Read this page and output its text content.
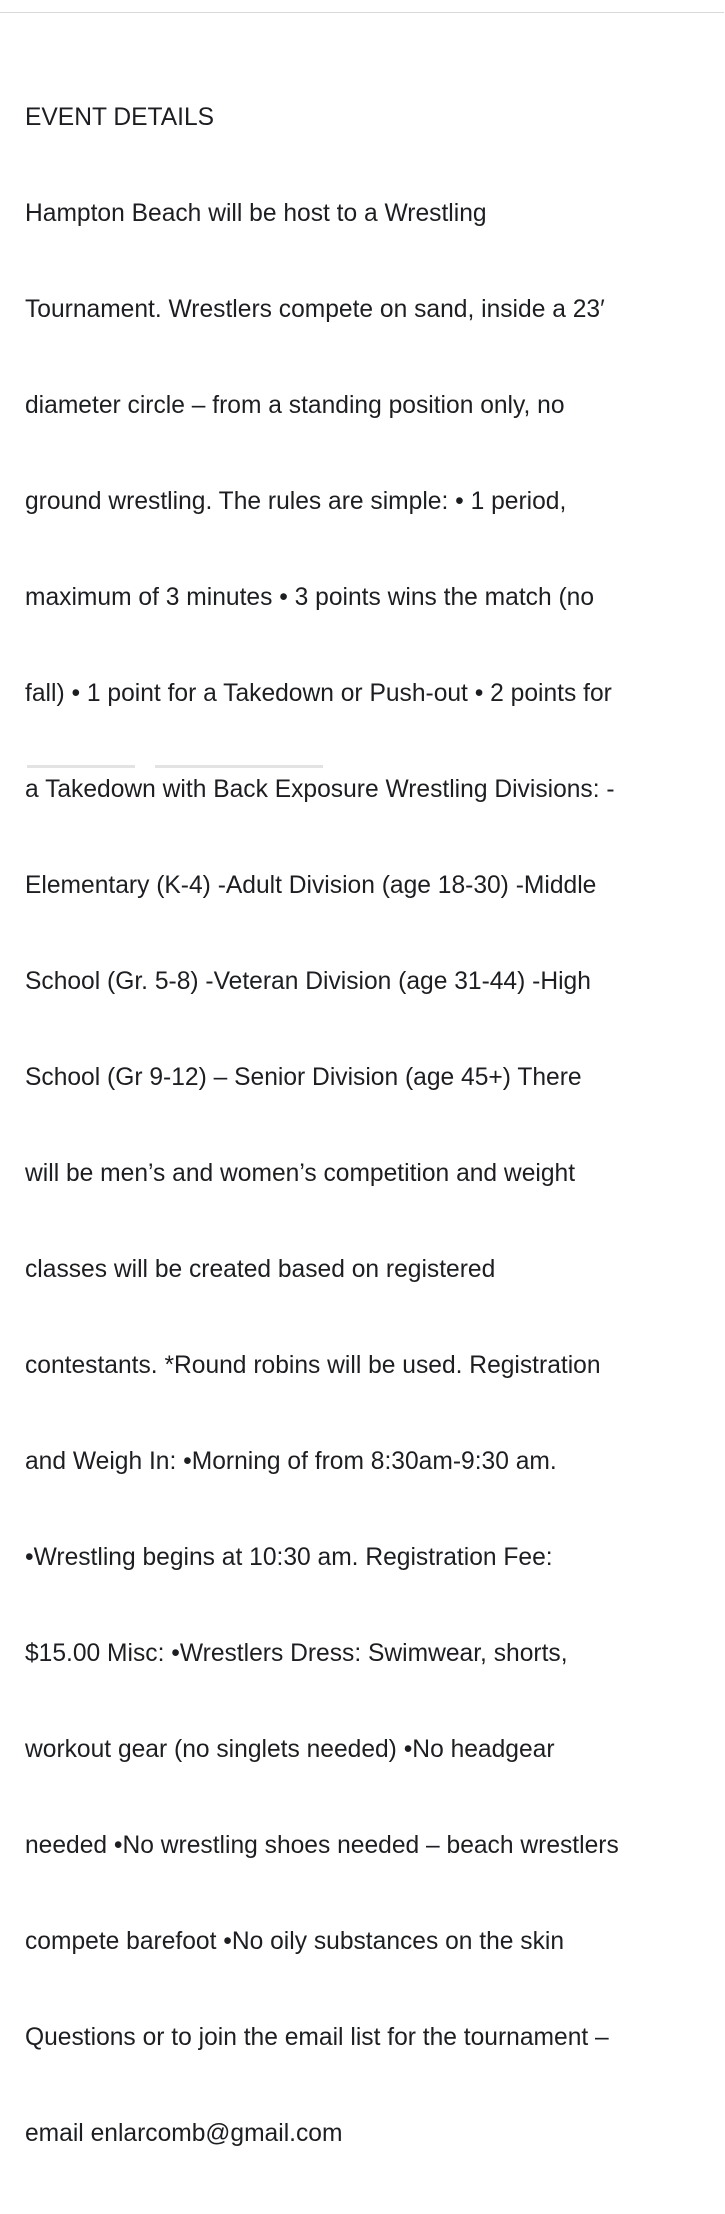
EVENT DETAILS

Hampton Beach will be host to a Wrestling

Tournament. Wrestlers compete on sand, inside a 23′

diameter circle – from a standing position only, no

ground wrestling. The rules are simple: • 1 period,

maximum of 3 minutes • 3 points wins the match (no

fall) • 1 point for a Takedown or Push-out • 2 points for

a Takedown with Back Exposure Wrestling Divisions: -

Elementary (K-4) -Adult Division (age 18-30) -Middle

School (Gr. 5-8) -Veteran Division (age 31-44) -High

School (Gr 9-12) – Senior Division (age 45+) There

will be men’s and women’s competition and weight

classes will be created based on registered

contestants. *Round robins will be used. Registration

and Weigh In: •Morning of from 8:30am-9:30 am.

•Wrestling begins at 10:30 am. Registration Fee:

$15.00 Misc: •Wrestlers Dress: Swimwear, shorts,

workout gear (no singlets needed) •No headgear

needed •No wrestling shoes needed – beach wrestlers

compete barefoot •No oily substances on the skin

Questions or to join the email list for the tournament –

email enlarcomb@gmail.com
